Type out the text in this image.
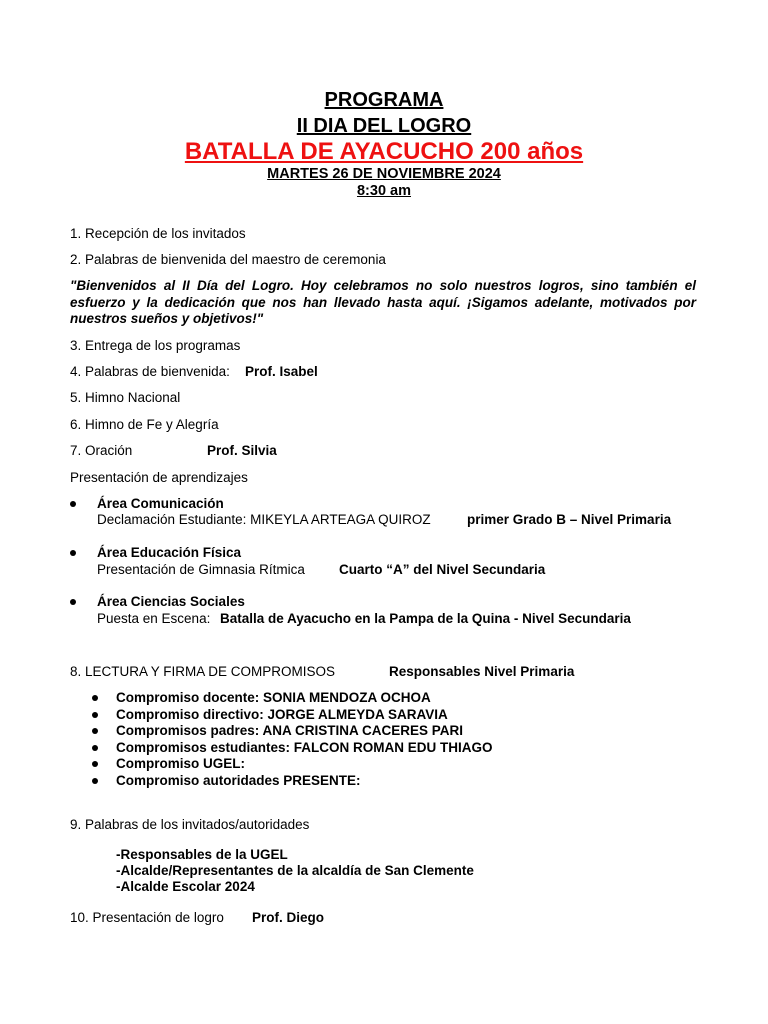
PROGRAMA
II DIA DEL LOGRO
BATALLA DE AYACUCHO 200 años
MARTES 26 DE NOVIEMBRE 2024
8:30 am
1. Recepción de los invitados
2. Palabras de bienvenida del maestro de ceremonia
"Bienvenidos al II Día del Logro. Hoy celebramos no solo nuestros logros, sino también el esfuerzo y la dedicación que nos han llevado hasta aquí. ¡Sigamos adelante, motivados por nuestros sueños y objetivos!"
3. Entrega de los programas
4. Palabras de bienvenida: Prof. Isabel
5. Himno Nacional
6. Himno de Fe y Alegría
7. Oración	Prof. Silvia
Presentación de aprendizajes
Área Comunicación
Declamación Estudiante: MIKEYLA ARTEAGA QUIROZ	primer Grado B – Nivel Primaria
Área Educación Física
Presentación de Gimnasia Rítmica	Cuarto “A” del Nivel Secundaria
Área Ciencias Sociales
Puesta en Escena: Batalla de Ayacucho en la Pampa de la Quina - Nivel Secundaria
8. LECTURA Y FIRMA DE COMPROMISOS	Responsables Nivel Primaria
Compromiso docente: SONIA MENDOZA OCHOA
Compromiso directivo: JORGE ALMEYDA SARAVIA
Compromisos padres: ANA CRISTINA CACERES PARI
Compromisos estudiantes: FALCON ROMAN EDU THIAGO
Compromiso UGEL:
Compromiso autoridades PRESENTE:
9. Palabras de los invitados/autoridades
-Responsables de la UGEL
-Alcalde/Representantes de la alcaldía de San Clemente
-Alcalde Escolar 2024
10. Presentación de logro Prof. Diego
